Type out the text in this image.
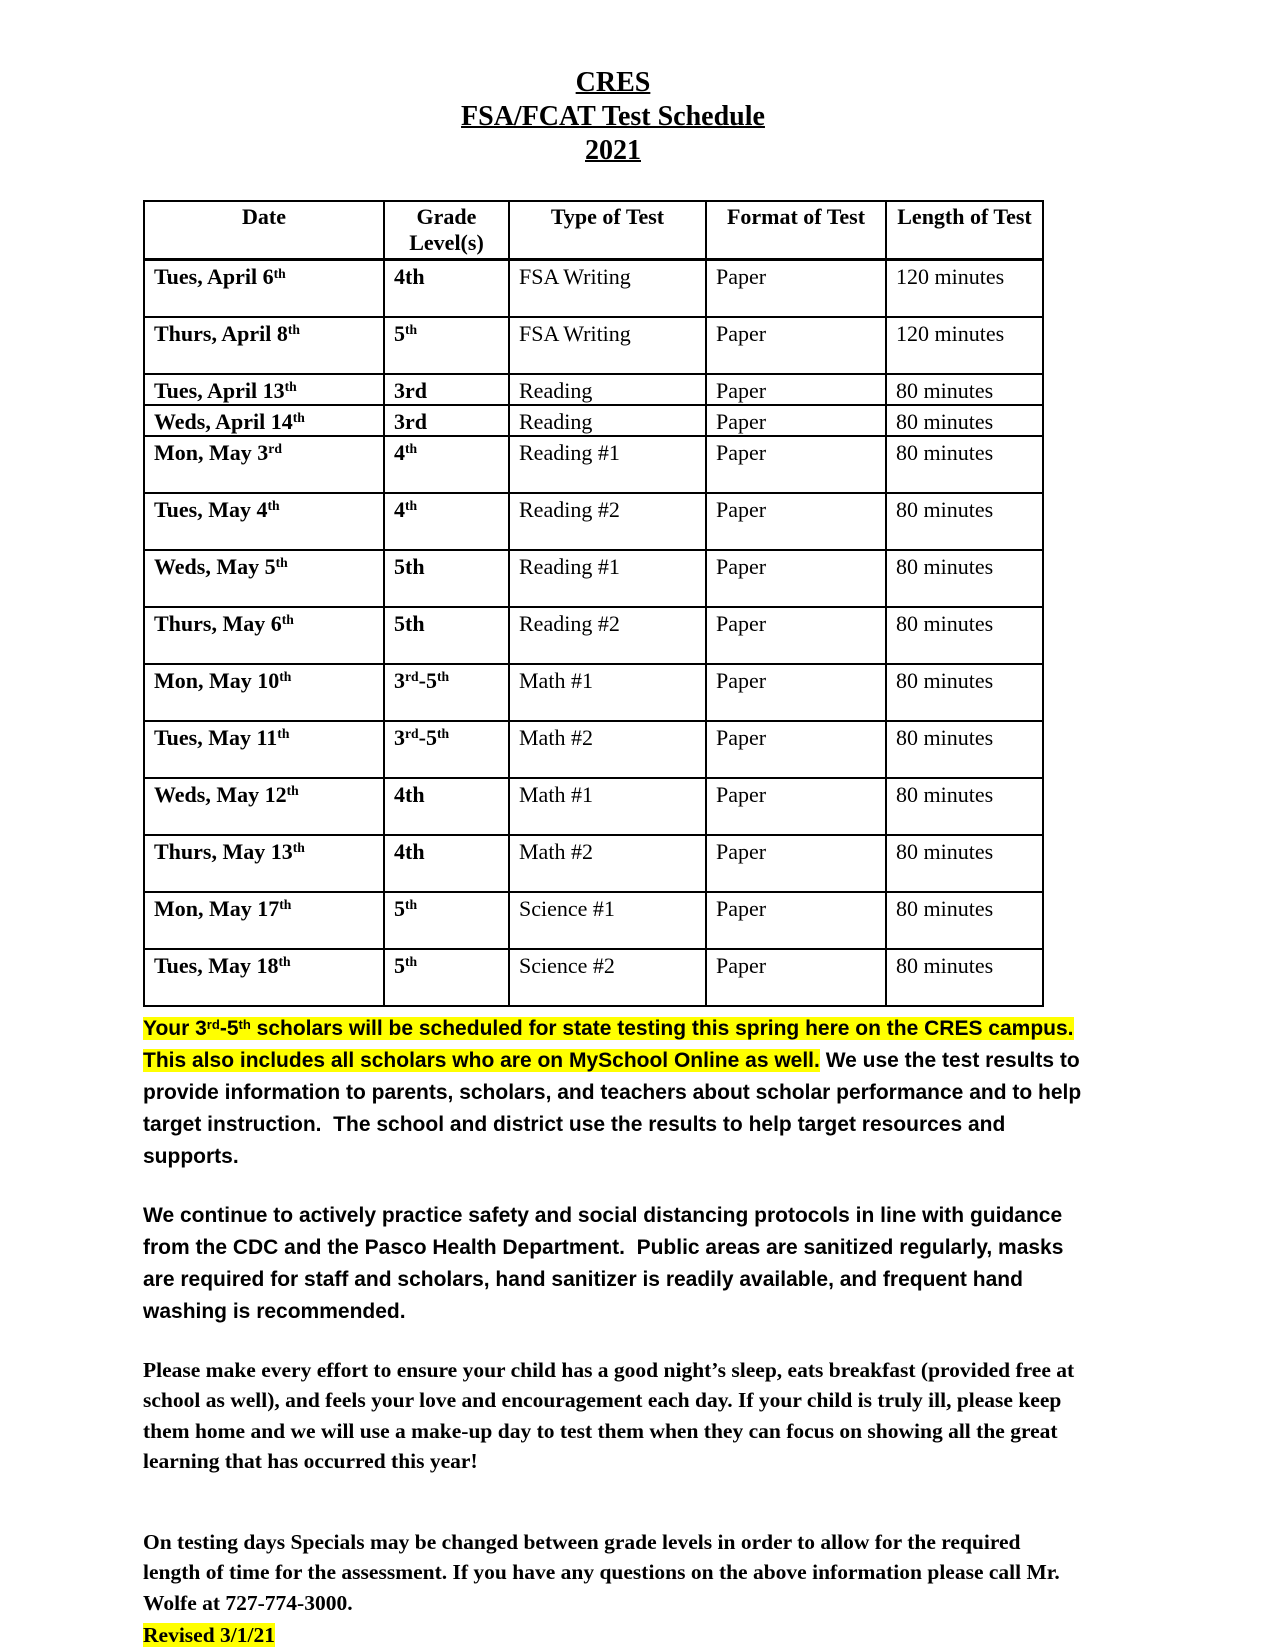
CRES
FSA/FCAT Test Schedule
2021
Date	Grade Level(s)	Type of Test	Format of Test	Length of Test
Tues, April 6th	4th	FSA Writing	Paper	120 minutes
Thurs, April 8th	5th	FSA Writing	Paper	120 minutes
Tues, April 13th	3rd	Reading	Paper	80 minutes
Weds, April 14th	3rd	Reading	Paper	80 minutes
Mon, May 3rd	4th	Reading #1	Paper	80 minutes
Tues, May 4th	4th	Reading #2	Paper	80 minutes
Weds, May 5th	5th	Reading #1	Paper	80 minutes
Thurs, May 6th	5th	Reading #2	Paper	80 minutes
Mon, May 10th	3rd-5th	Math #1	Paper	80 minutes
Tues, May 11th	3rd-5th	Math #2	Paper	80 minutes
Weds, May 12th	4th	Math #1	Paper	80 minutes
Thurs, May 13th	4th	Math #2	Paper	80 minutes
Mon, May 17th	5th	Science #1	Paper	80 minutes
Tues, May 18th	5th	Science #2	Paper	80 minutes

Your 3rd-5th scholars will be scheduled for state testing this spring here on the CRES campus.  This also includes all scholars who are on MySchool Online as well. We use the test results to provide information to parents, scholars, and teachers about scholar performance and to help target instruction.  The school and district use the results to help target resources and supports.

We continue to actively practice safety and social distancing protocols in line with guidance from the CDC and the Pasco Health Department.  Public areas are sanitized regularly, masks are required for staff and scholars, hand sanitizer is readily available, and frequent hand washing is recommended.

Please make every effort to ensure your child has a good night’s sleep, eats breakfast (provided free at school as well), and feels your love and encouragement each day. If your child is truly ill, please keep them home and we will use a make-up day to test them when they can focus on showing all the great learning that has occurred this year!

On testing days Specials may be changed between grade levels in order to allow for the required length of time for the assessment. If you have any questions on the above information please call Mr. Wolfe at 727-774-3000.

Revised 3/1/21
